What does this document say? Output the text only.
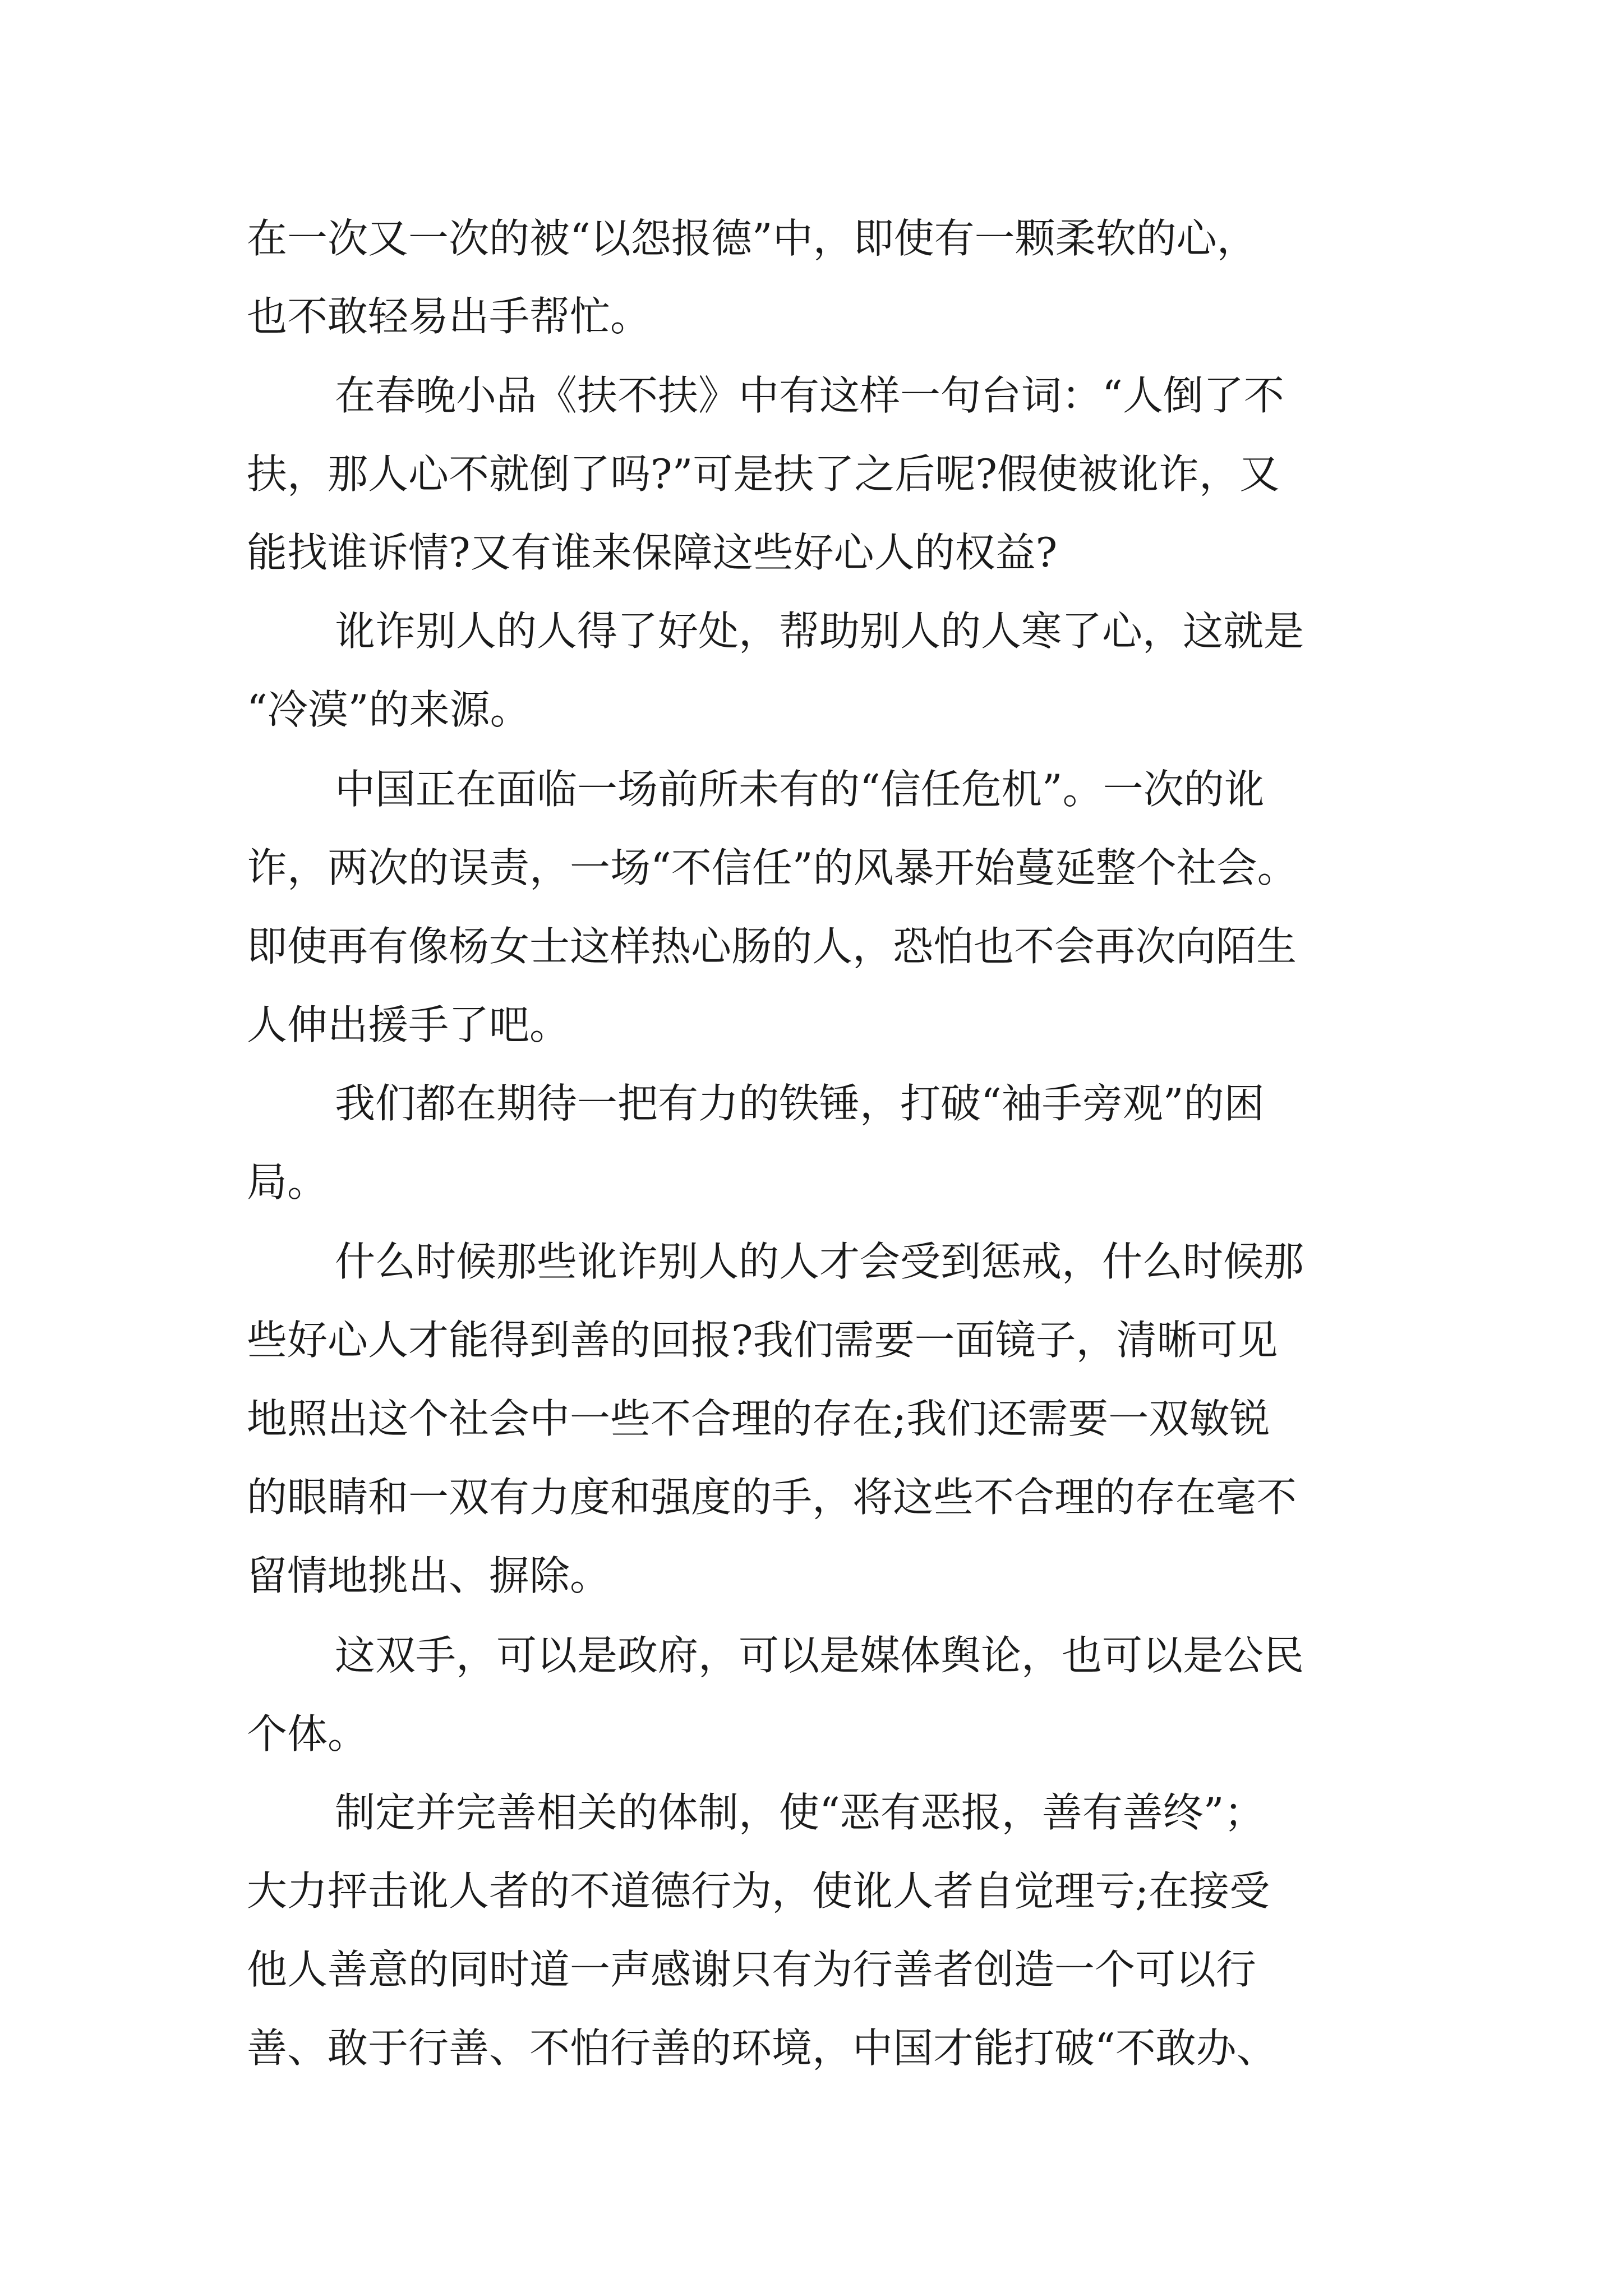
在一次又一次的被“以怨报德”中，即使有一颗柔软的心，

也不敢轻易出手帮忙。

在春晚小品《扶不扶》中有这样一句台词：“人倒了不

扶，那人心不就倒了吗?”可是扶了之后呢?假使被讹诈，又

能找谁诉情?又有谁来保障这些好心人的权益?

讹诈别人的人得了好处，帮助别人的人寒了心，这就是

“冷漠”的来源。

中国正在面临一场前所未有的“信任危机”。一次的讹

诈，两次的误责，一场“不信任”的风暴开始蔓延整个社会。

即使再有像杨女士这样热心肠的人，恐怕也不会再次向陌生

人伸出援手了吧。

我们都在期待一把有力的铁锤，打破“袖手旁观”的困

局。

什么时候那些讹诈别人的人才会受到惩戒，什么时候那

些好心人才能得到善的回报?我们需要一面镜子，清晰可见

地照出这个社会中一些不合理的存在;我们还需要一双敏锐

的眼睛和一双有力度和强度的手，将这些不合理的存在毫不

留情地挑出、摒除。

这双手，可以是政府，可以是媒体舆论，也可以是公民

个体。

制定并完善相关的体制，使“恶有恶报，善有善终”；

大力抨击讹人者的不道德行为，使讹人者自觉理亏;在接受

他人善意的同时道一声感谢只有为行善者创造一个可以行

善、敢于行善、不怕行善的环境，中国才能打破“不敢办、
